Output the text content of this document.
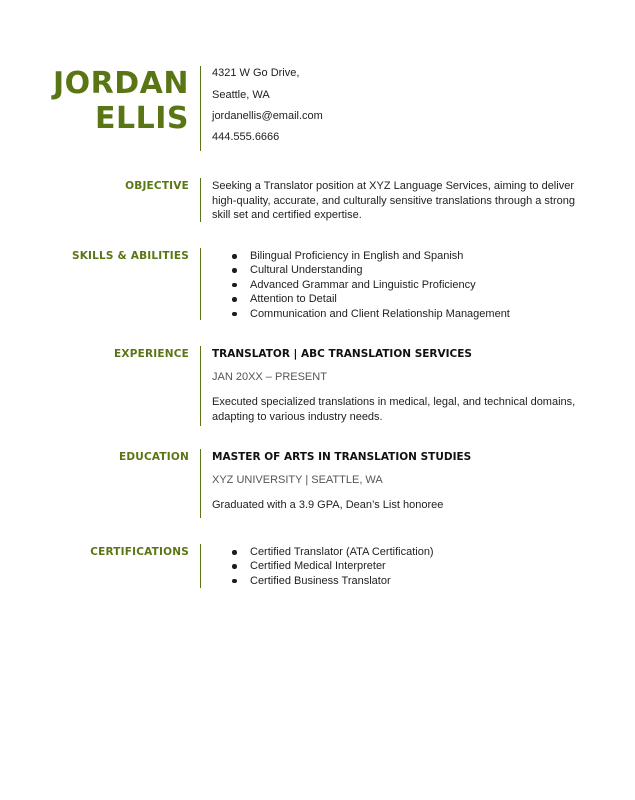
JORDAN
ELLIS
4321 W Go Drive,
Seattle, WA
jordanellis@email.com
444.555.6666
OBJECTIVE Seeking a Translator position at XYZ Language Services, aiming to deliver high-quality, accurate, and culturally sensitive translations through a strong skill set and certified expertise.
SKILLS & ABILITIES	Bilingual Proficiency in English and Spanish
Cultural Understanding
Advanced Grammar and Linguistic Proficiency
Attention to Detail
Communication and Client Relationship Management
EXPERIENCE TRANSLATOR | ABC TRANSLATION SERVICES
JAN 20XX – PRESENT
Executed specialized translations in medical, legal, and technical domains, adapting to various industry needs.
EDUCATION MASTER OF ARTS IN TRANSLATION STUDIES
XYZ UNIVERSITY | SEATTLE, WA
Graduated with a 3.9 GPA, Dean’s List honoree
CERTIFICATIONS	Certified Translator (ATA Certification)
Certified Medical Interpreter
Certified Business Translator
